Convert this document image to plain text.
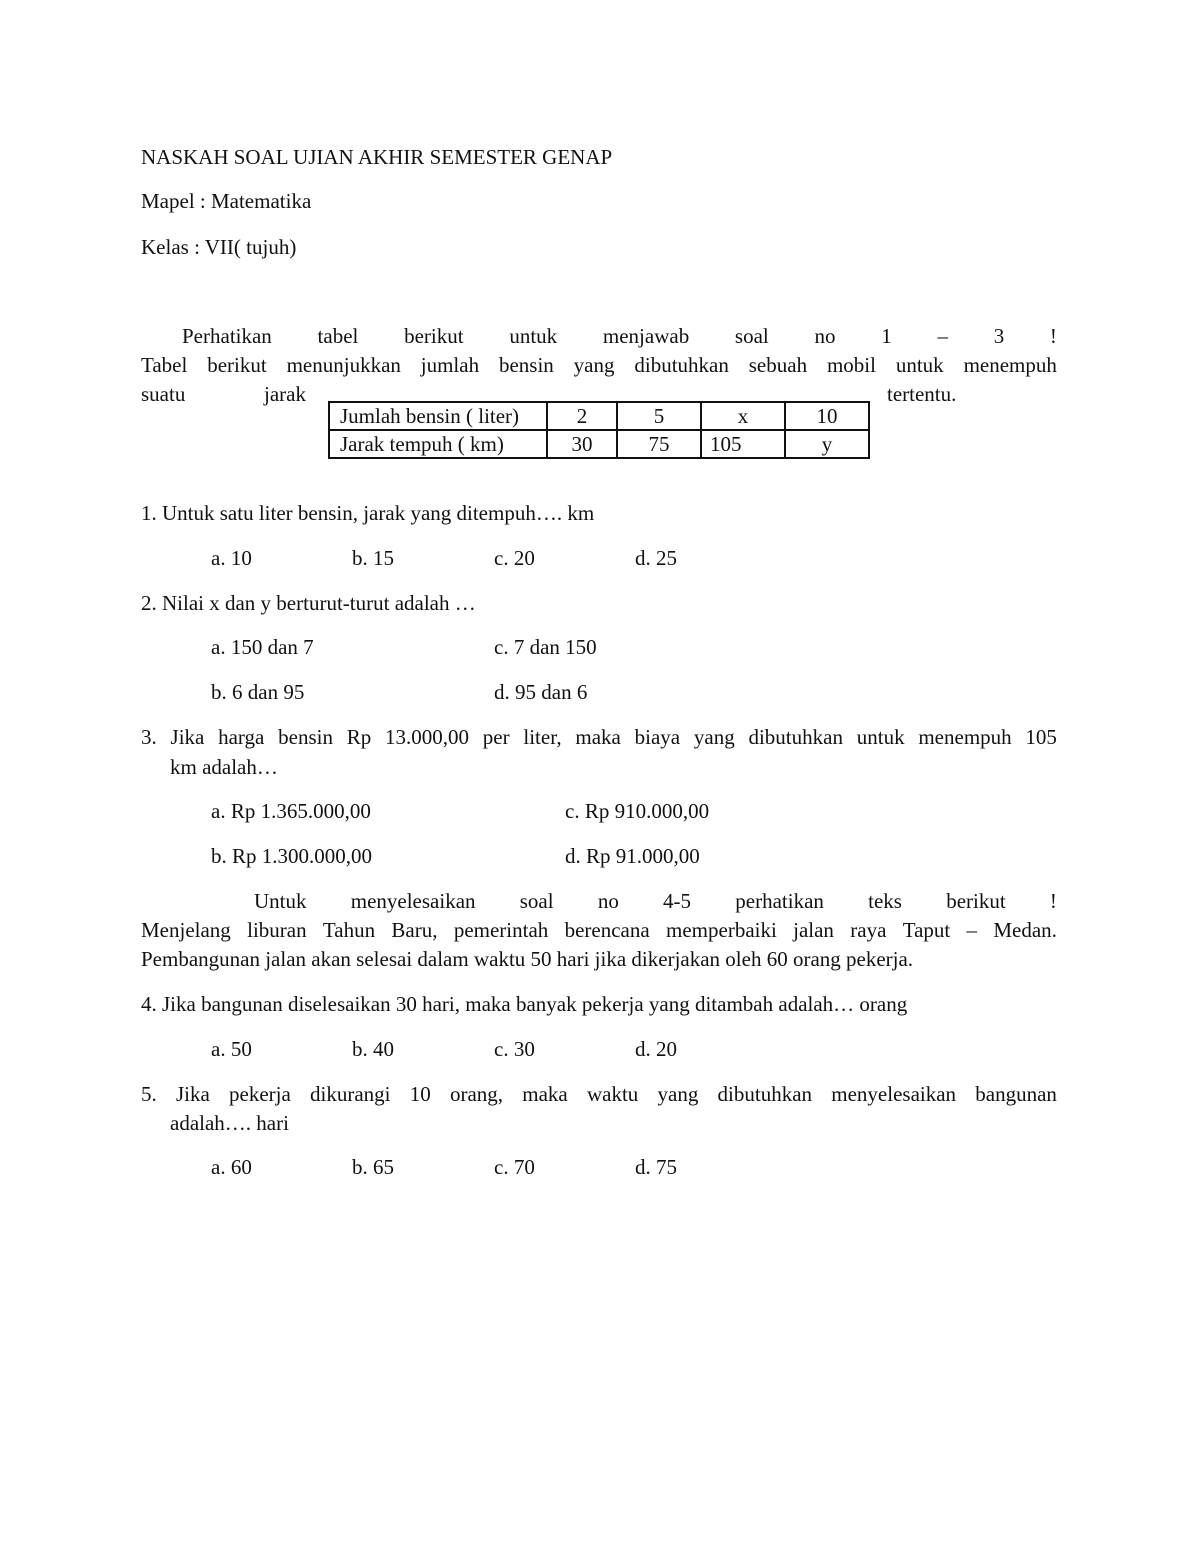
NASKAH SOAL UJIAN AKHIR SEMESTER GENAP
Mapel : Matematika
Kelas : VII( tujuh)
Perhatikan tabel berikut untuk menjawab soal no 1 – 3 !
Tabel berikut menunjukkan jumlah bensin yang dibutuhkan sebuah mobil untuk menempuh
suatu	jarak	tertentu.
Jumlah bensin ( liter)	2	5	x	10
Jarak tempuh ( km)	30	75	105	y
1. Untuk satu liter bensin, jarak yang ditempuh…. km
a. 10	b. 15	c. 20	d. 25
2. Nilai x dan y berturut-turut adalah …
a. 150 dan 7	c. 7 dan 150
b. 6 dan 95	d. 95 dan 6
3. Jika harga bensin Rp 13.000,00 per liter, maka biaya yang dibutuhkan untuk menempuh 105
km adalah…
a. Rp 1.365.000,00	c. Rp 910.000,00
b. Rp 1.300.000,00	d. Rp 91.000,00
Untuk menyelesaikan soal no 4-5 perhatikan teks berikut !
Menjelang liburan Tahun Baru, pemerintah berencana memperbaiki jalan raya Taput – Medan.
Pembangunan jalan akan selesai dalam waktu 50 hari jika dikerjakan oleh 60 orang pekerja.
4. Jika bangunan diselesaikan 30 hari, maka banyak pekerja yang ditambah adalah… orang
a. 50	b. 40	c. 30	d. 20
5. Jika pekerja dikurangi 10 orang, maka waktu yang dibutuhkan menyelesaikan bangunan
adalah…. hari
a. 60	b. 65	c. 70	d. 75
